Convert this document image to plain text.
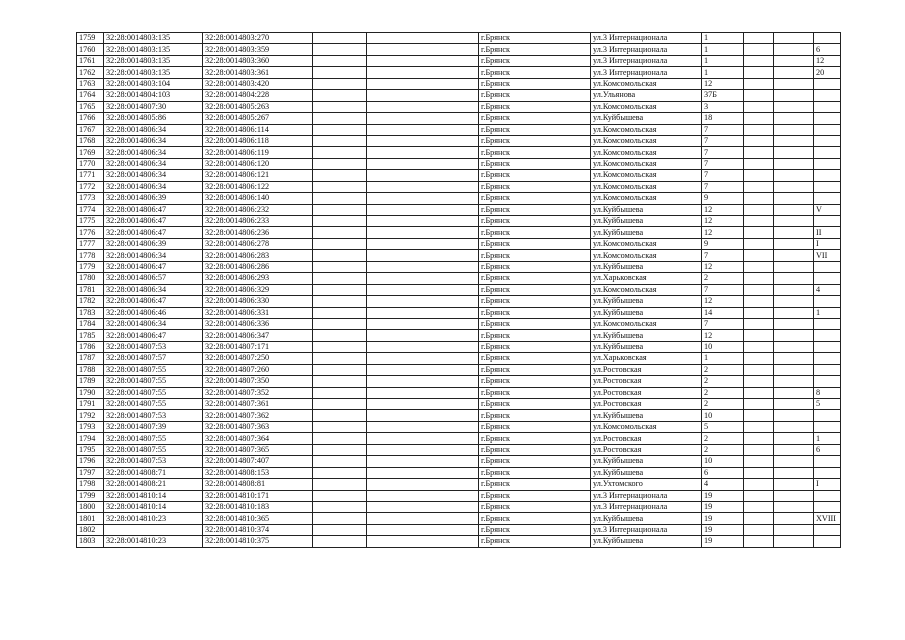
1759	32:28:0014803:135	32:28:0014803:270			г.Брянск	ул.3 Интернационала	1			
1760	32:28:0014803:135	32:28:0014803:359			г.Брянск	ул.3 Интернационала	1			6
1761	32:28:0014803:135	32:28:0014803:360			г.Брянск	ул.3 Интернационала	1			12
1762	32:28:0014803:135	32:28:0014803:361			г.Брянск	ул.3 Интернационала	1			20
1763	32:28:0014803:104	32:28:0014803:420			г.Брянск	ул.Комсомольская	12			
1764	32:28:0014804:103	32:28:0014804:228			г.Брянск	ул.Ульянова	37Б			
1765	32:28:0014807:30	32:28:0014805:263			г.Брянск	ул.Комсомольская	3			
1766	32:28:0014805:86	32:28:0014805:267			г.Брянск	ул.Куйбышева	18			
1767	32:28:0014806:34	32:28:0014806:114			г.Брянск	ул.Комсомольская	7			
1768	32:28:0014806:34	32:28:0014806:118			г.Брянск	ул.Комсомольская	7			
1769	32:28:0014806:34	32:28:0014806:119			г.Брянск	ул.Комсомольская	7			
1770	32:28:0014806:34	32:28:0014806:120			г.Брянск	ул.Комсомольская	7			
1771	32:28:0014806:34	32:28:0014806:121			г.Брянск	ул.Комсомольская	7			
1772	32:28:0014806:34	32:28:0014806:122			г.Брянск	ул.Комсомольская	7			
1773	32:28:0014806:39	32:28:0014806:140			г.Брянск	ул.Комсомольская	9			
1774	32:28:0014806:47	32:28:0014806:232			г.Брянск	ул.Куйбышева	12			V
1775	32:28:0014806:47	32:28:0014806:233			г.Брянск	ул.Куйбышева	12			
1776	32:28:0014806:47	32:28:0014806:236			г.Брянск	ул.Куйбышева	12			II
1777	32:28:0014806:39	32:28:0014806:278			г.Брянск	ул.Комсомольская	9			I
1778	32:28:0014806:34	32:28:0014806:283			г.Брянск	ул.Комсомольская	7			VII
1779	32:28:0014806:47	32:28:0014806:286			г.Брянск	ул.Куйбышева	12			
1780	32:28:0014806:57	32:28:0014806:293			г.Брянск	ул.Харьковская	2			
1781	32:28:0014806:34	32:28:0014806:329			г.Брянск	ул.Комсомольская	7			4
1782	32:28:0014806:47	32:28:0014806:330			г.Брянск	ул.Куйбышева	12			
1783	32:28:0014806:46	32:28:0014806:331			г.Брянск	ул.Куйбышева	14			1
1784	32:28:0014806:34	32:28:0014806:336			г.Брянск	ул.Комсомольская	7			
1785	32:28:0014806:47	32:28:0014806:347			г.Брянск	ул.Куйбышева	12			
1786	32:28:0014807:53	32:28:0014807:171			г.Брянск	ул.Куйбышева	10			
1787	32:28:0014807:57	32:28:0014807:250			г.Брянск	ул.Харьковская	1			
1788	32:28:0014807:55	32:28:0014807:260			г.Брянск	ул.Ростовская	2			
1789	32:28:0014807:55	32:28:0014807:350			г.Брянск	ул.Ростовская	2			
1790	32:28:0014807:55	32:28:0014807:352			г.Брянск	ул.Ростовская	2			8
1791	32:28:0014807:55	32:28:0014807:361			г.Брянск	ул.Ростовская	2			5
1792	32:28:0014807:53	32:28:0014807:362			г.Брянск	ул.Куйбышева	10			
1793	32:28:0014807:39	32:28:0014807:363			г.Брянск	ул.Комсомольская	5			
1794	32:28:0014807:55	32:28:0014807:364			г.Брянск	ул.Ростовская	2			1
1795	32:28:0014807:55	32:28:0014807:365			г.Брянск	ул.Ростовская	2			6
1796	32:28:0014807:53	32:28:0014807:407			г.Брянск	ул.Куйбышева	10			
1797	32:28:0014808:71	32:28:0014808:153			г.Брянск	ул.Куйбышева	6			
1798	32:28:0014808:21	32:28:0014808:81			г.Брянск	ул.Ухтомского	4			I
1799	32:28:0014810:14	32:28:0014810:171			г.Брянск	ул.3 Интернационала	19			
1800	32:28:0014810:14	32:28:0014810:183			г.Брянск	ул.3 Интернационала	19			
1801	32:28:0014810:23	32:28:0014810:365			г.Брянск	ул.Куйбышева	19			XVIII
1802		32:28:0014810:374			г.Брянск	ул.3 Интернационала	19			
1803	32:28:0014810:23	32:28:0014810:375			г.Брянск	ул.Куйбышева	19			
